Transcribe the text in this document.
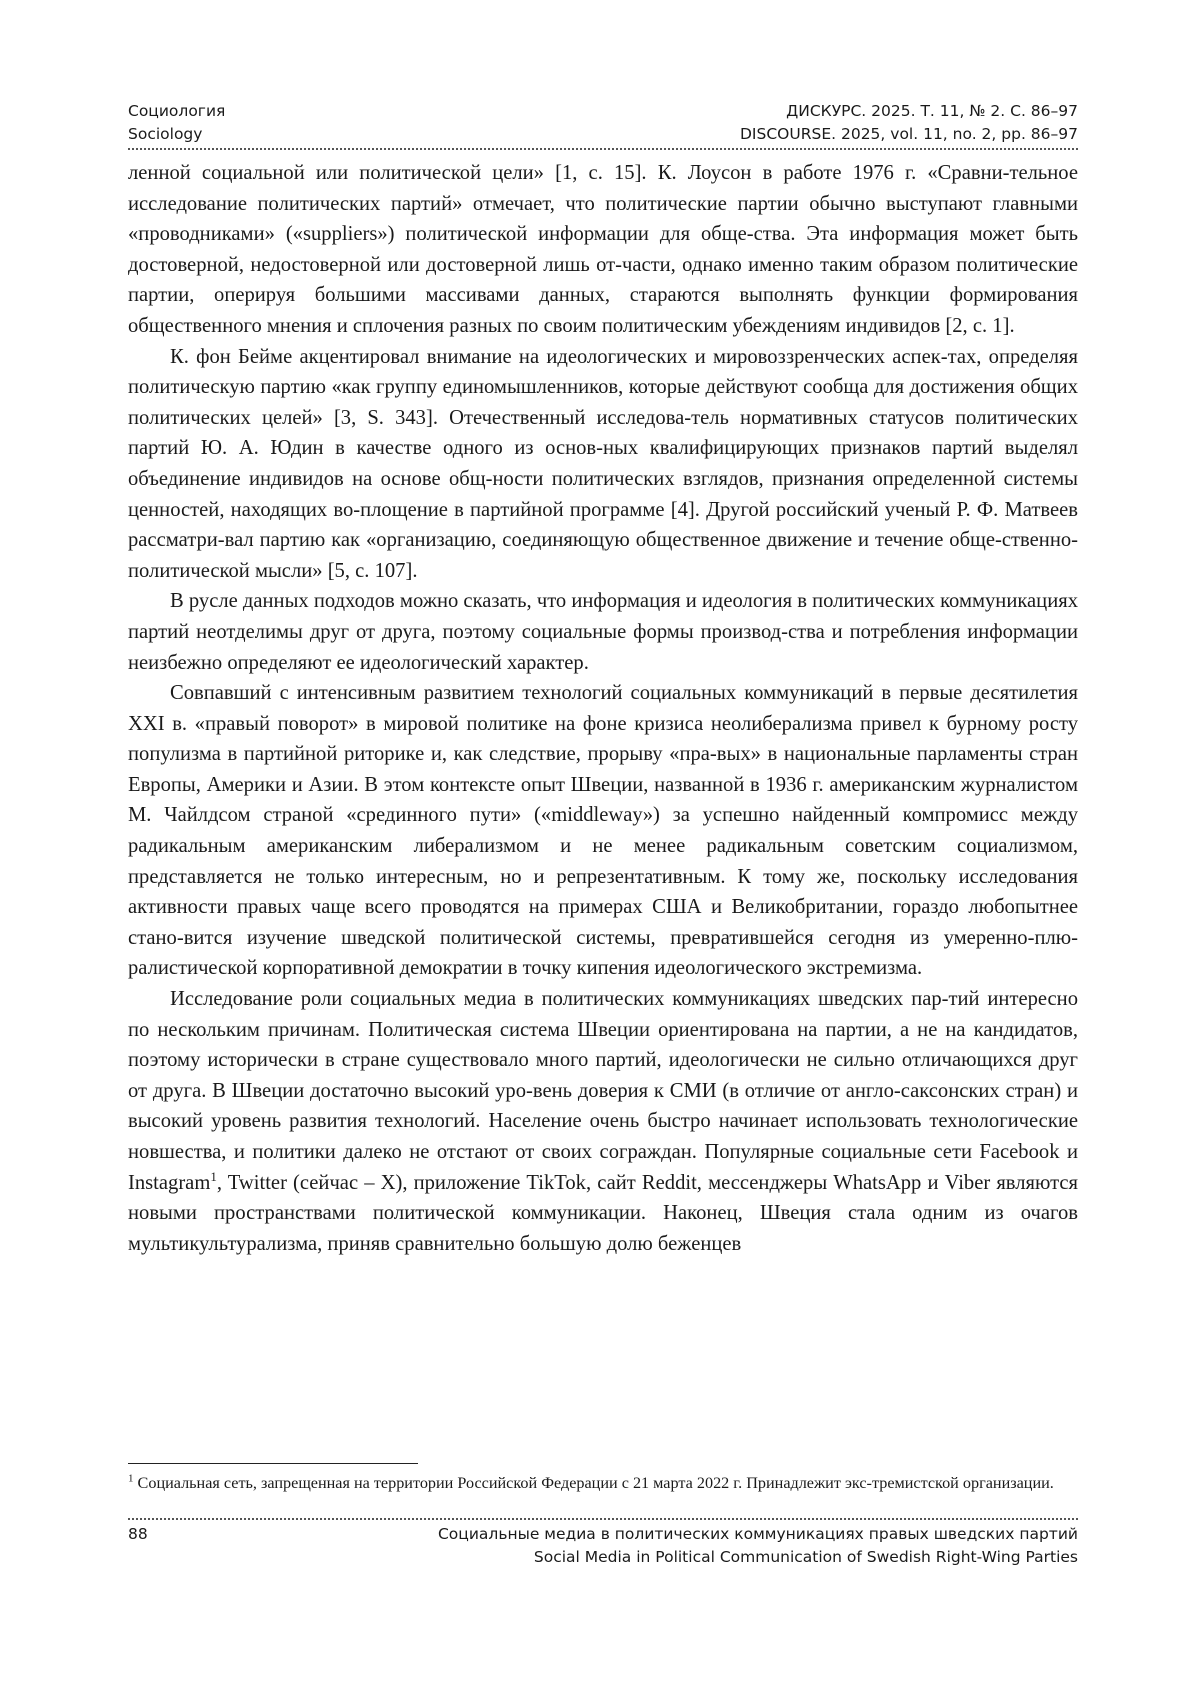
Социология
Sociology
ДИСКУРС. 2025. Т. 11, № 2. С. 86–97
DISCOURSE. 2025, vol. 11, no. 2, pp. 86–97

ленной социальной или политической цели» [1, с. 15]. К. Лоусон в работе 1976 г. «Сравни-тельное исследование политических партий» отмечает, что политические партии обычно выступают главными «проводниками» («suppliers») политической информации для обще-ства. Эта информация может быть достоверной, недостоверной или достоверной лишь от-части, однако именно таким образом политические партии, оперируя большими массивами данных, стараются выполнять функции формирования общественного мнения и сплочения разных по своим политическим убеждениям индивидов [2, с. 1].

К. фон Бейме акцентировал внимание на идеологических и мировоззренческих аспек-тах, определяя политическую партию «как группу единомышленников, которые действуют сообща для достижения общих политических целей» [3, S. 343]. Отечественный исследова-тель нормативных статусов политических партий Ю. А. Юдин в качестве одного из основ-ных квалифицирующих признаков партий выделял объединение индивидов на основе общ-ности политических взглядов, признания определенной системы ценностей, находящих во-площение в партийной программе [4]. Другой российский ученый Р. Ф. Матвеев рассматри-вал партию как «организацию, соединяющую общественное движение и течение обще-ственно-политической мысли» [5, с. 107].

В русле данных подходов можно сказать, что информация и идеология в политических коммуникациях партий неотделимы друг от друга, поэтому социальные формы производ-ства и потребления информации неизбежно определяют ее идеологический характер.

Совпавший с интенсивным развитием технологий социальных коммуникаций в первые десятилетия XXI в. «правый поворот» в мировой политике на фоне кризиса неолиберализма привел к бурному росту популизма в партийной риторике и, как следствие, прорыву «пра-вых» в национальные парламенты стран Европы, Америки и Азии. В этом контексте опыт Швеции, названной в 1936 г. американским журналистом М. Чайлдсом страной «срединного пути» («middleway») за успешно найденный компромисс между радикальным американским либерализмом и не менее радикальным советским социализмом, представляется не только интересным, но и репрезентативным. К тому же, поскольку исследования активности правых чаще всего проводятся на примерах США и Великобритании, гораздо любопытнее стано-вится изучение шведской политической системы, превратившейся сегодня из умеренно-плю-ралистической корпоративной демократии в точку кипения идеологического экстремизма.

Исследование роли социальных медиа в политических коммуникациях шведских пар-тий интересно по нескольким причинам. Политическая система Швеции ориентирована на партии, а не на кандидатов, поэтому исторически в стране существовало много партий, идеологически не сильно отличающихся друг от друга. В Швеции достаточно высокий уро-вень доверия к СМИ (в отличие от англо-саксонских стран) и высокий уровень развития технологий. Население очень быстро начинает использовать технологические новшества, и политики далеко не отстают от своих сограждан. Популярные социальные сети Facebook и Instagram$^1$, Twitter (сейчас – X), приложение TikTok, сайт Reddit, мессенджеры WhatsApp и Viber являются новыми пространствами политической коммуникации. Наконец, Швеция стала одним из очагов мультикультурализма, приняв сравнительно большую долю беженцев

$^1$ Социальная сеть, запрещенная на территории Российской Федерации с 21 марта 2022 г. Принадлежит экс-тремистской организации.
88	Социальные медиа в политических коммуникациях правых шведских партий
Social Media in Political Communication of Swedish Right-Wing Parties
